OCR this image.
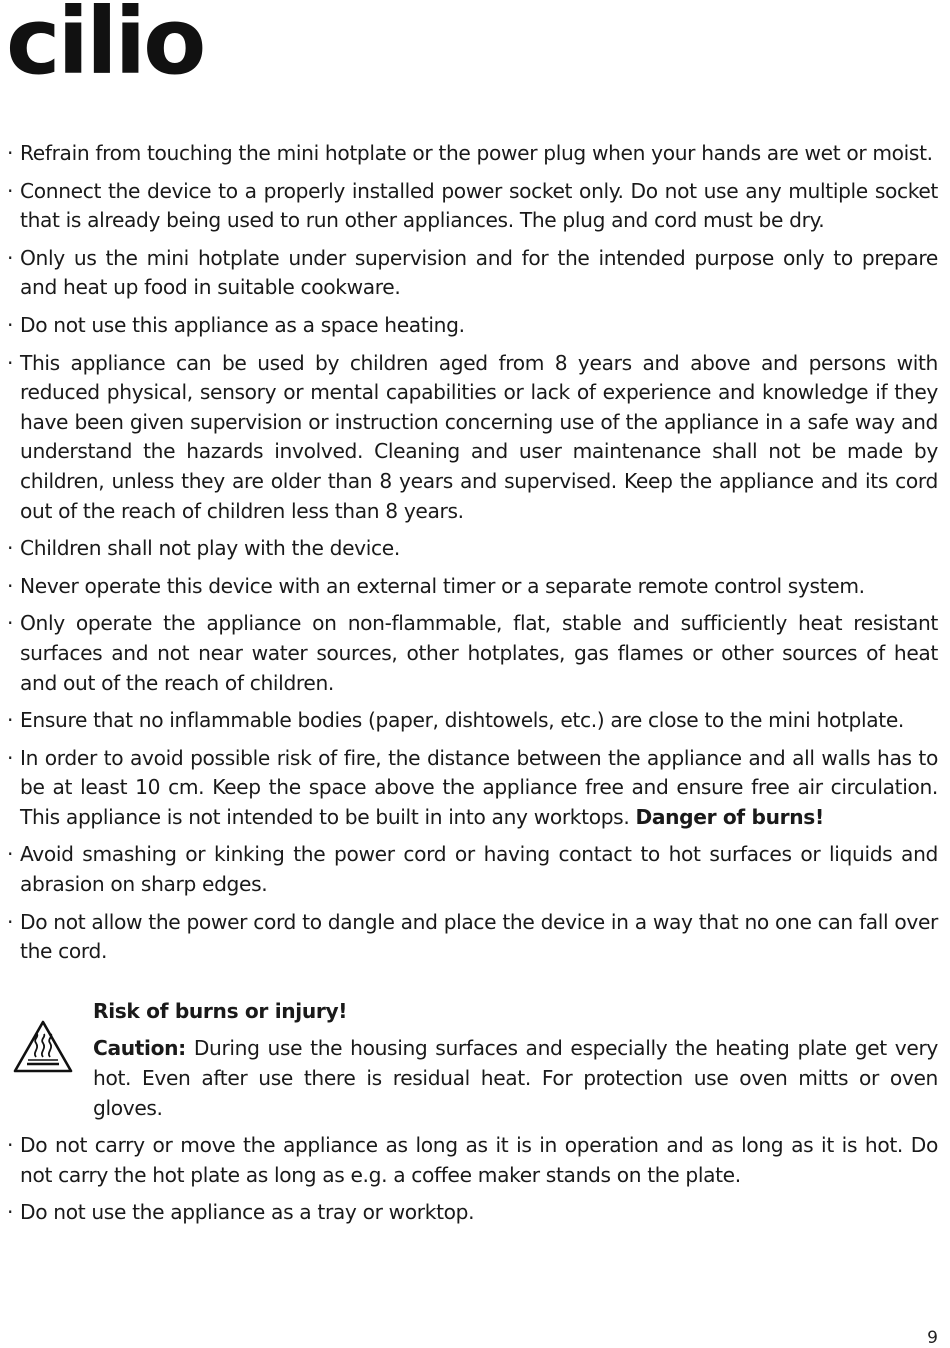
cilio
· Refrain from touching the mini hotplate or the power plug when your hands are wet or moist.
· Connect the device to a properly installed power socket only. Do not use any multiple socket that is already being used to run other appliances. The plug and cord must be dry.
· Only us the mini hotplate under supervision and for the intended purpose only to prepare and heat up food in suitable cookware.
· Do not use this appliance as a space heating.
· This appliance can be used by children aged from 8 years and above and persons with reduced physical, sensory or mental capabilities or lack of experience and knowledge if they have been given supervision or instruction concerning use of the appliance in a safe way and understand the hazards involved. Cleaning and user maintenance shall not be made by children, unless they are older than 8 years and supervised. Keep the appliance and its cord out of the reach of children less than 8 years.
· Children shall not play with the device.
· Never operate this device with an external timer or a separate remote control system.
· Only operate the appliance on non-flammable, flat, stable and sufficiently heat resistant surfaces and not near water sources, other hotplates, gas flames or other sources of heat and out of the reach of children.
· Ensure that no inflammable bodies (paper, dishtowels, etc.) are close to the mini hotplate.
· In order to avoid possible risk of fire, the distance between the appliance and all walls has to be at least 10 cm. Keep the space above the appliance free and ensure free air circulation. This appliance is not intended to be built in into any worktops. Danger of burns!
· Avoid smashing or kinking the power cord or having contact to hot surfaces or liquids and abrasion on sharp edges.
· Do not allow the power cord to dangle and place the device in a way that no one can fall over the cord.
Risk of burns or injury!
Caution: During use the housing surfaces and especially the heating plate get very hot. Even after use there is residual heat. For protection use oven mitts or oven gloves.
· Do not carry or move the appliance as long as it is in operation and as long as it is hot. Do not carry the hot plate as long as e.g. a coffee maker stands on the plate.
· Do not use the appliance as a tray or worktop.
9
